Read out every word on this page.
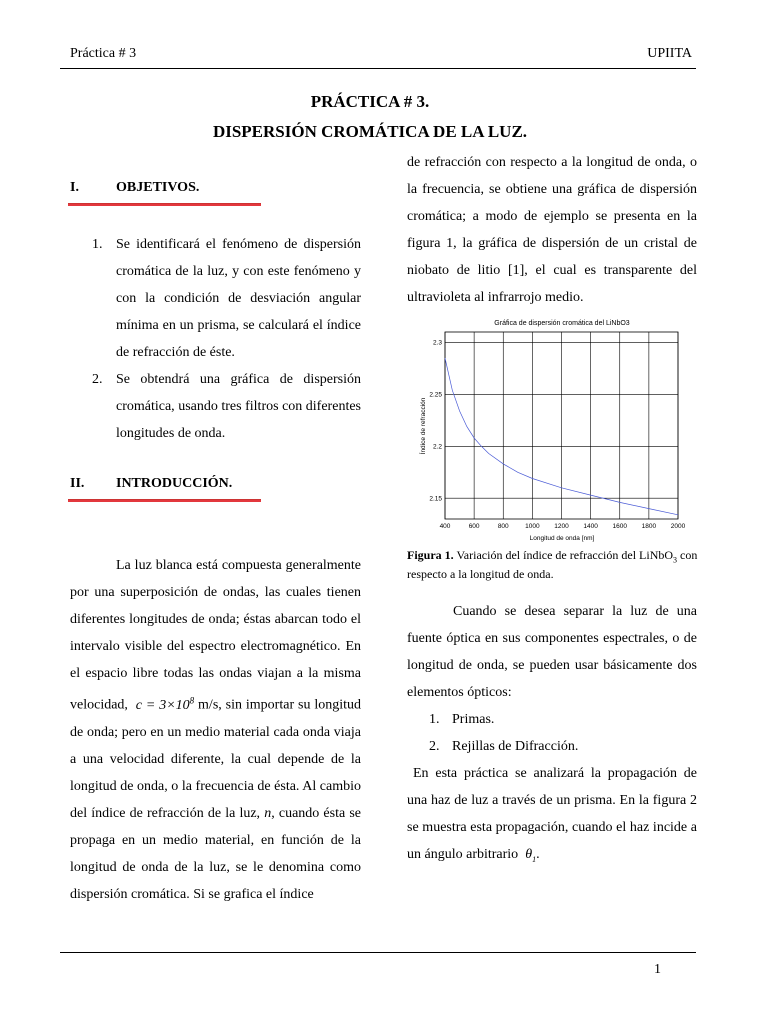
Práctica # 3	UPIITA
PRÁCTICA # 3.
DISPERSIÓN CROMÁTICA DE LA LUZ.
I.	OBJETIVOS.
1. Se identificará el fenómeno de dispersión cromática de la luz, y con este fenómeno y con la condición de desviación angular mínima en un prisma, se calculará el índice de refracción de éste.
2. Se obtendrá una gráfica de dispersión cromática, usando tres filtros con diferentes longitudes de onda.
II. INTRODUCCIÓN.
La luz blanca está compuesta generalmente por una superposición de ondas, las cuales tienen diferentes longitudes de onda; éstas abarcan todo el intervalo visible del espectro electromagnético. En el espacio libre todas las ondas viajan a la misma velocidad, $c = 3\times 10^8$ m/s, sin importar su longitud de onda; pero en un medio material cada onda viaja a una velocidad diferente, la cual depende de la longitud de onda, o la frecuencia de ésta. Al cambio del índice de refracción de la luz, n, cuando ésta se propaga en un medio material, en función de la longitud de onda de la luz, se le denomina como dispersión cromática. Si se grafica el índice
de refracción con respecto a la longitud de onda, o la frecuencia, se obtiene una gráfica de dispersión cromática; a modo de ejemplo se presenta en la figura 1, la gráfica de dispersión de un cristal de niobato de litio [1], el cual es transparente del ultravioleta al infrarrojo medio.
Gráfica de dispersión cromática del LiNbO3
400	600	800	1000 1200 1400 1600 1800 2000
2.15
2.2
2.25
2.3
Longitud de onda [nm]
Índice de refracción
Figura 1. Variación del índice de refracción del LiNbO$_3$ con respecto a la longitud de onda.
Cuando se desea separar la luz de una fuente óptica en sus componentes espectrales, o de longitud de onda, se pueden usar básicamente dos elementos ópticos:
1. Primas.
2. Rejillas de Difracción.
En esta práctica se analizará la propagación de una haz de luz a través de un prisma. En la figura 2 se muestra esta propagación, cuando el haz incide a un ángulo arbitrario $\theta_1$.
1
